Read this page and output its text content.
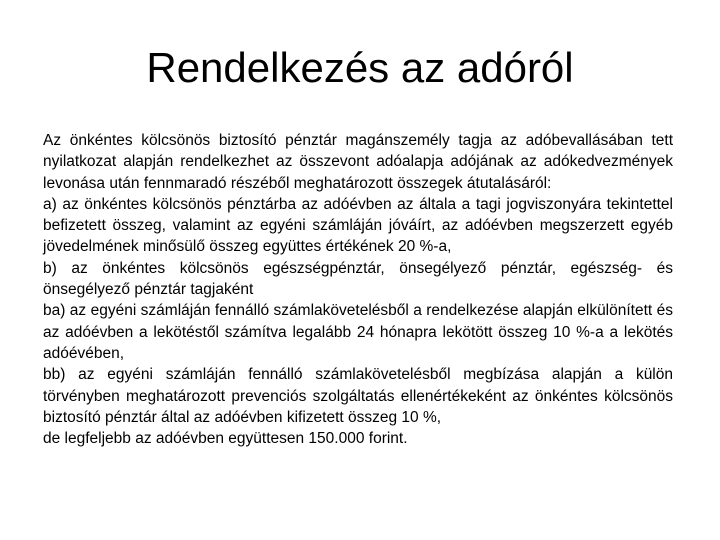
Rendelkezés az adóról

Az önkéntes kölcsönös biztosító pénztár magánszemély tagja az adóbevallásában tett nyilatkozat alapján rendelkezhet az összevont adóalapja adójának az adókedvezmények levonása után fennmaradó részéből meghatározott összegek átutalásáról:

a) az önkéntes kölcsönös pénztárba az adóévben az általa a tagi jogviszonyára tekintettel befizetett összeg, valamint az egyéni számláján jóváírt, az adóévben megszerzett egyéb jövedelmének minősülő összeg együttes értékének 20 %-a,

b) az önkéntes kölcsönös egészségpénztár, önsegélyező pénztár, egészség- és önsegélyező pénztár tagjaként

ba) az egyéni számláján fennálló számlakövetelésből a rendelkezése alapján elkülönített és az adóévben a lekötéstől számítva legalább 24 hónapra lekötött összeg 10 %-a a lekötés adóévében,

bb) az egyéni számláján fennálló számlakövetelésből megbízása alapján a külön törvényben meghatározott prevenciós szolgáltatás ellenértékeként az önkéntes kölcsönös biztosító pénztár által az adóévben kifizetett összeg 10 %,

de legfeljebb az adóévben együttesen 150.000 forint.
